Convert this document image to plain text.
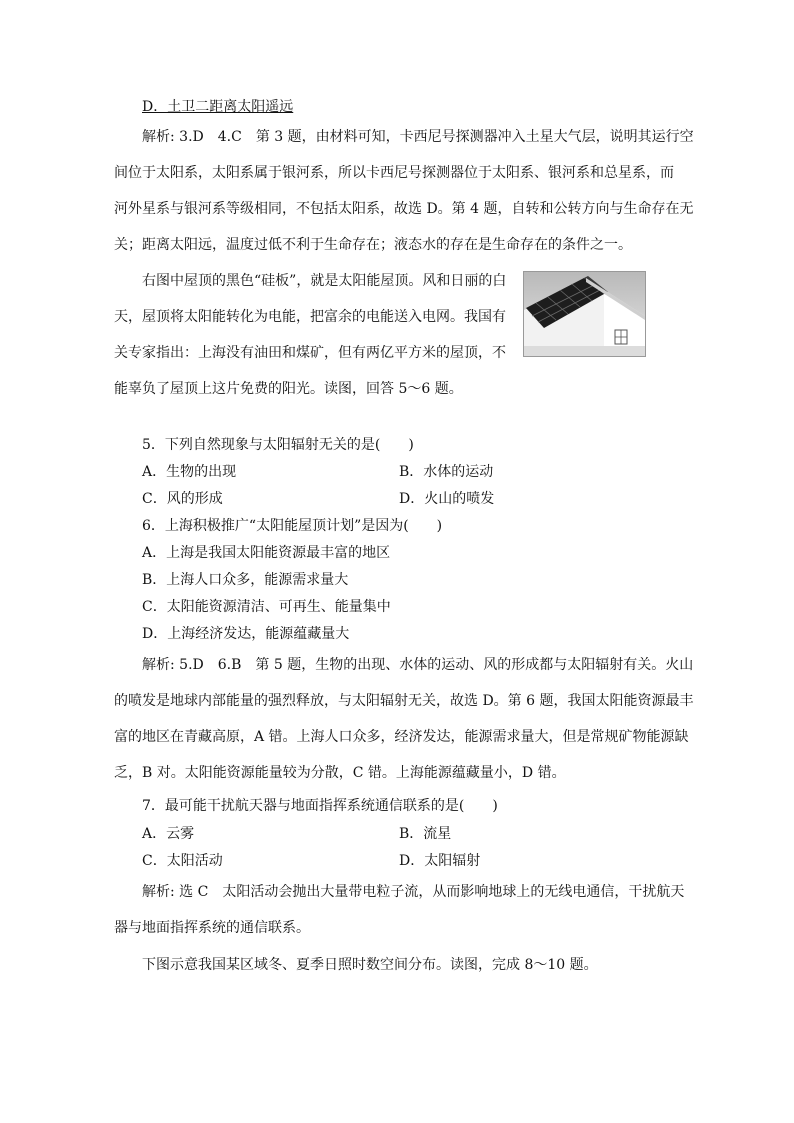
D．土卫二距离太阳遥远
解析: 3.D　4.C　第 3 题，由材料可知，卡西尼号探测器冲入土星大气层，说明其运行空
间位于太阳系，太阳系属于银河系，所以卡西尼号探测器位于太阳系、银河系和总星系，而
河外星系与银河系等级相同，不包括太阳系，故选 D。第 4 题，自转和公转方向与生命存在无
关；距离太阳远，温度过低不利于生命存在；液态水的存在是生命存在的条件之一。
右图中屋顶的黑色“硅板”，就是太阳能屋顶。风和日丽的白
天，屋顶将太阳能转化为电能，把富余的电能送入电网。我国有
关专家指出：上海没有油田和煤矿，但有两亿平方米的屋顶，不
能辜负了屋顶上这片免费的阳光。读图，回答 5～6 题。
5．下列自然现象与太阳辐射无关的是(　　)
A．生物的出现	B．水体的运动
C．风的形成	D．火山的喷发
6．上海积极推广“太阳能屋顶计划”是因为(　　)
A．上海是我国太阳能资源最丰富的地区
B．上海人口众多，能源需求量大
C．太阳能资源清洁、可再生、能量集中
D．上海经济发达，能源蕴藏量大
解析: 5.D　6.B　第 5 题，生物的出现、水体的运动、风的形成都与太阳辐射有关。火山
的喷发是地球内部能量的强烈释放，与太阳辐射无关，故选 D。第 6 题，我国太阳能资源最丰
富的地区在青藏高原，A 错。上海人口众多，经济发达，能源需求量大，但是常规矿物能源缺
乏，B 对。太阳能资源能量较为分散，C 错。上海能源蕴藏量小，D 错。
7．最可能干扰航天器与地面指挥系统通信联系的是(　　)
A．云雾	B．流星
C．太阳活动	D．太阳辐射
解析: 选 C　太阳活动会抛出大量带电粒子流，从而影响地球上的无线电通信，干扰航天
器与地面指挥系统的通信联系。
下图示意我国某区域冬、夏季日照时数空间分布。读图，完成 8～10 题。
